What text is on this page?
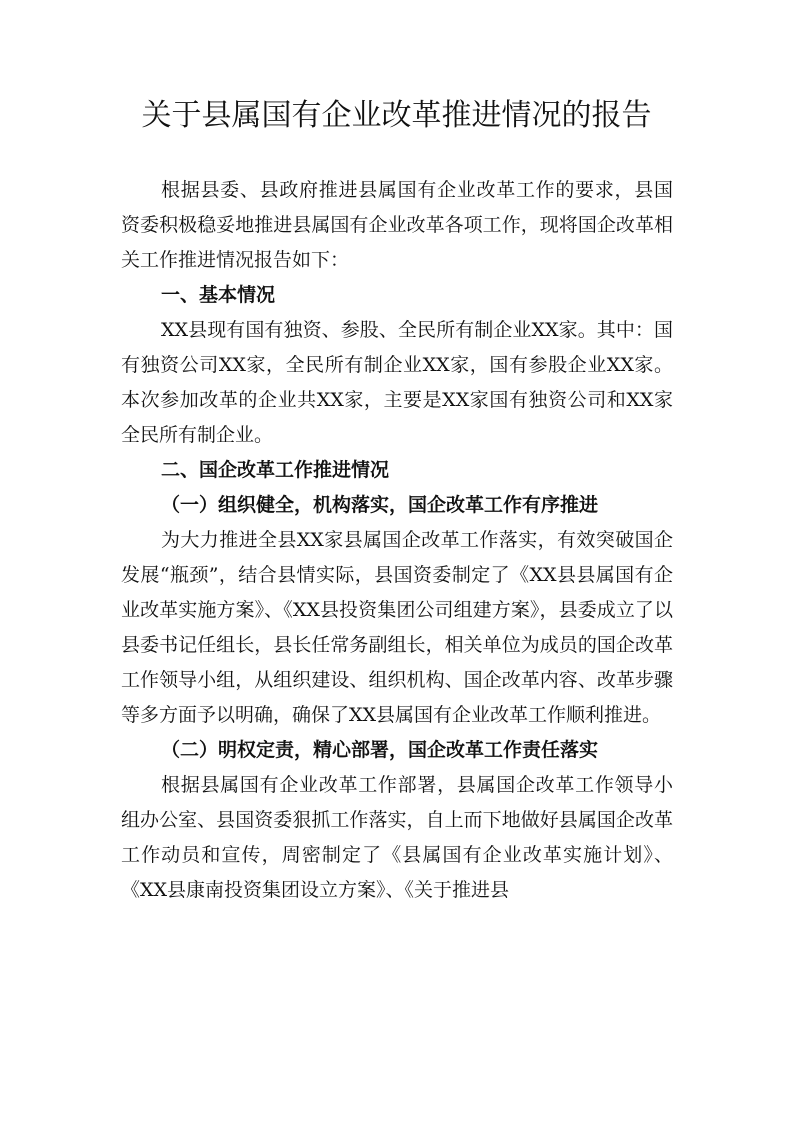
关于县属国有企业改革推进情况的报告

根据县委、县政府推进县属国有企业改革工作的要求，县国资委积极稳妥地推进县属国有企业改革各项工作，现将国企改革相关工作推进情况报告如下：

一、基本情况

XX县现有国有独资、参股、全民所有制企业XX家。其中：国有独资公司XX家，全民所有制企业XX家，国有参股企业XX家。本次参加改革的企业共XX家，主要是XX家国有独资公司和XX家全民所有制企业。

二、国企改革工作推进情况

（一）组织健全，机构落实，国企改革工作有序推进

为大力推进全县XX家县属国企改革工作落实，有效突破国企发展“瓶颈”，结合县情实际，县国资委制定了《XX县县属国有企业改革实施方案》、《XX县投资集团公司组建方案》，县委成立了以县委书记任组长，县长任常务副组长，相关单位为成员的国企改革工作领导小组，从组织建设、组织机构、国企改革内容、改革步骤等多方面予以明确，确保了XX县属国有企业改革工作顺利推进。

（二）明权定责，精心部署，国企改革工作责任落实

根据县属国有企业改革工作部署，县属国企改革工作领导小组办公室、县国资委狠抓工作落实，自上而下地做好县属国企改革工作动员和宣传，周密制定了《县属国有企业改革实施计划》、《XX县康南投资集团设立方案》、《关于推进县
